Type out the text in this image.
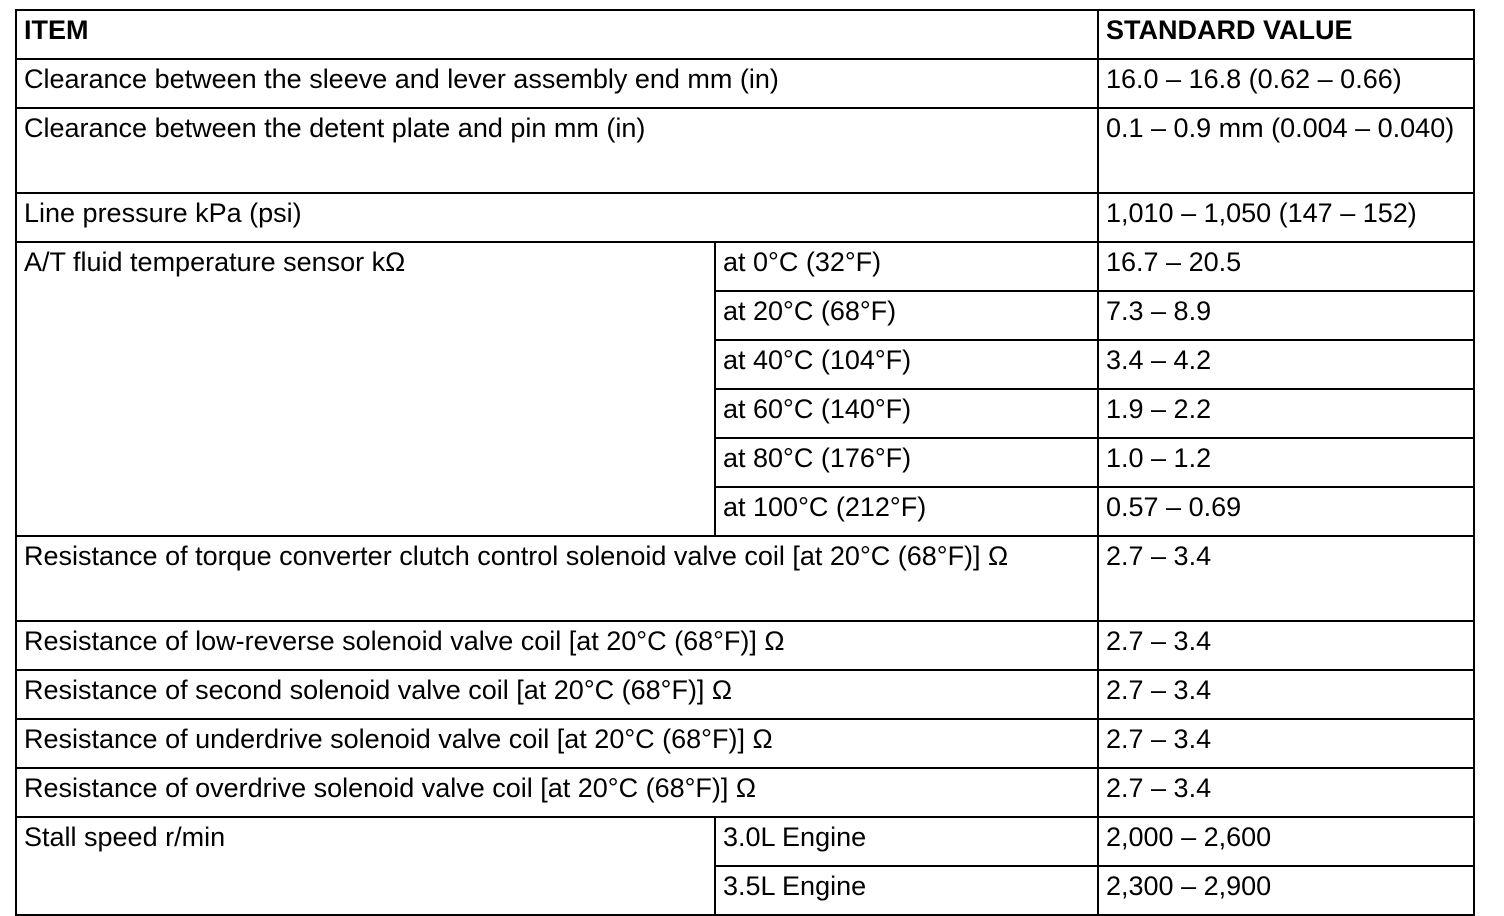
ITEM		STANDARD VALUE
Clearance between the sleeve and lever assembly end mm (in)		16.0 – 16.8 (0.62 – 0.66)
Clearance between the detent plate and pin mm (in)		0.1 – 0.9 mm (0.004 – 0.040)
Line pressure kPa (psi)		1,010 – 1,050 (147 – 152)
A/T fluid temperature sensor kΩ	at 0°C (32°F)	16.7 – 20.5
	at 20°C (68°F)	7.3 – 8.9
	at 40°C (104°F)	3.4 – 4.2
	at 60°C (140°F)	1.9 – 2.2
	at 80°C (176°F)	1.0 – 1.2
	at 100°C (212°F)	0.57 – 0.69
Resistance of torque converter clutch control solenoid valve coil [at 20°C (68°F)] Ω		2.7 – 3.4
Resistance of low-reverse solenoid valve coil [at 20°C (68°F)] Ω		2.7 – 3.4
Resistance of second solenoid valve coil [at 20°C (68°F)] Ω		2.7 – 3.4
Resistance of underdrive solenoid valve coil [at 20°C (68°F)] Ω		2.7 – 3.4
Resistance of overdrive solenoid valve coil [at 20°C (68°F)] Ω		2.7 – 3.4
Stall speed r/min	3.0L Engine	2,000 – 2,600
	3.5L Engine	2,300 – 2,900
